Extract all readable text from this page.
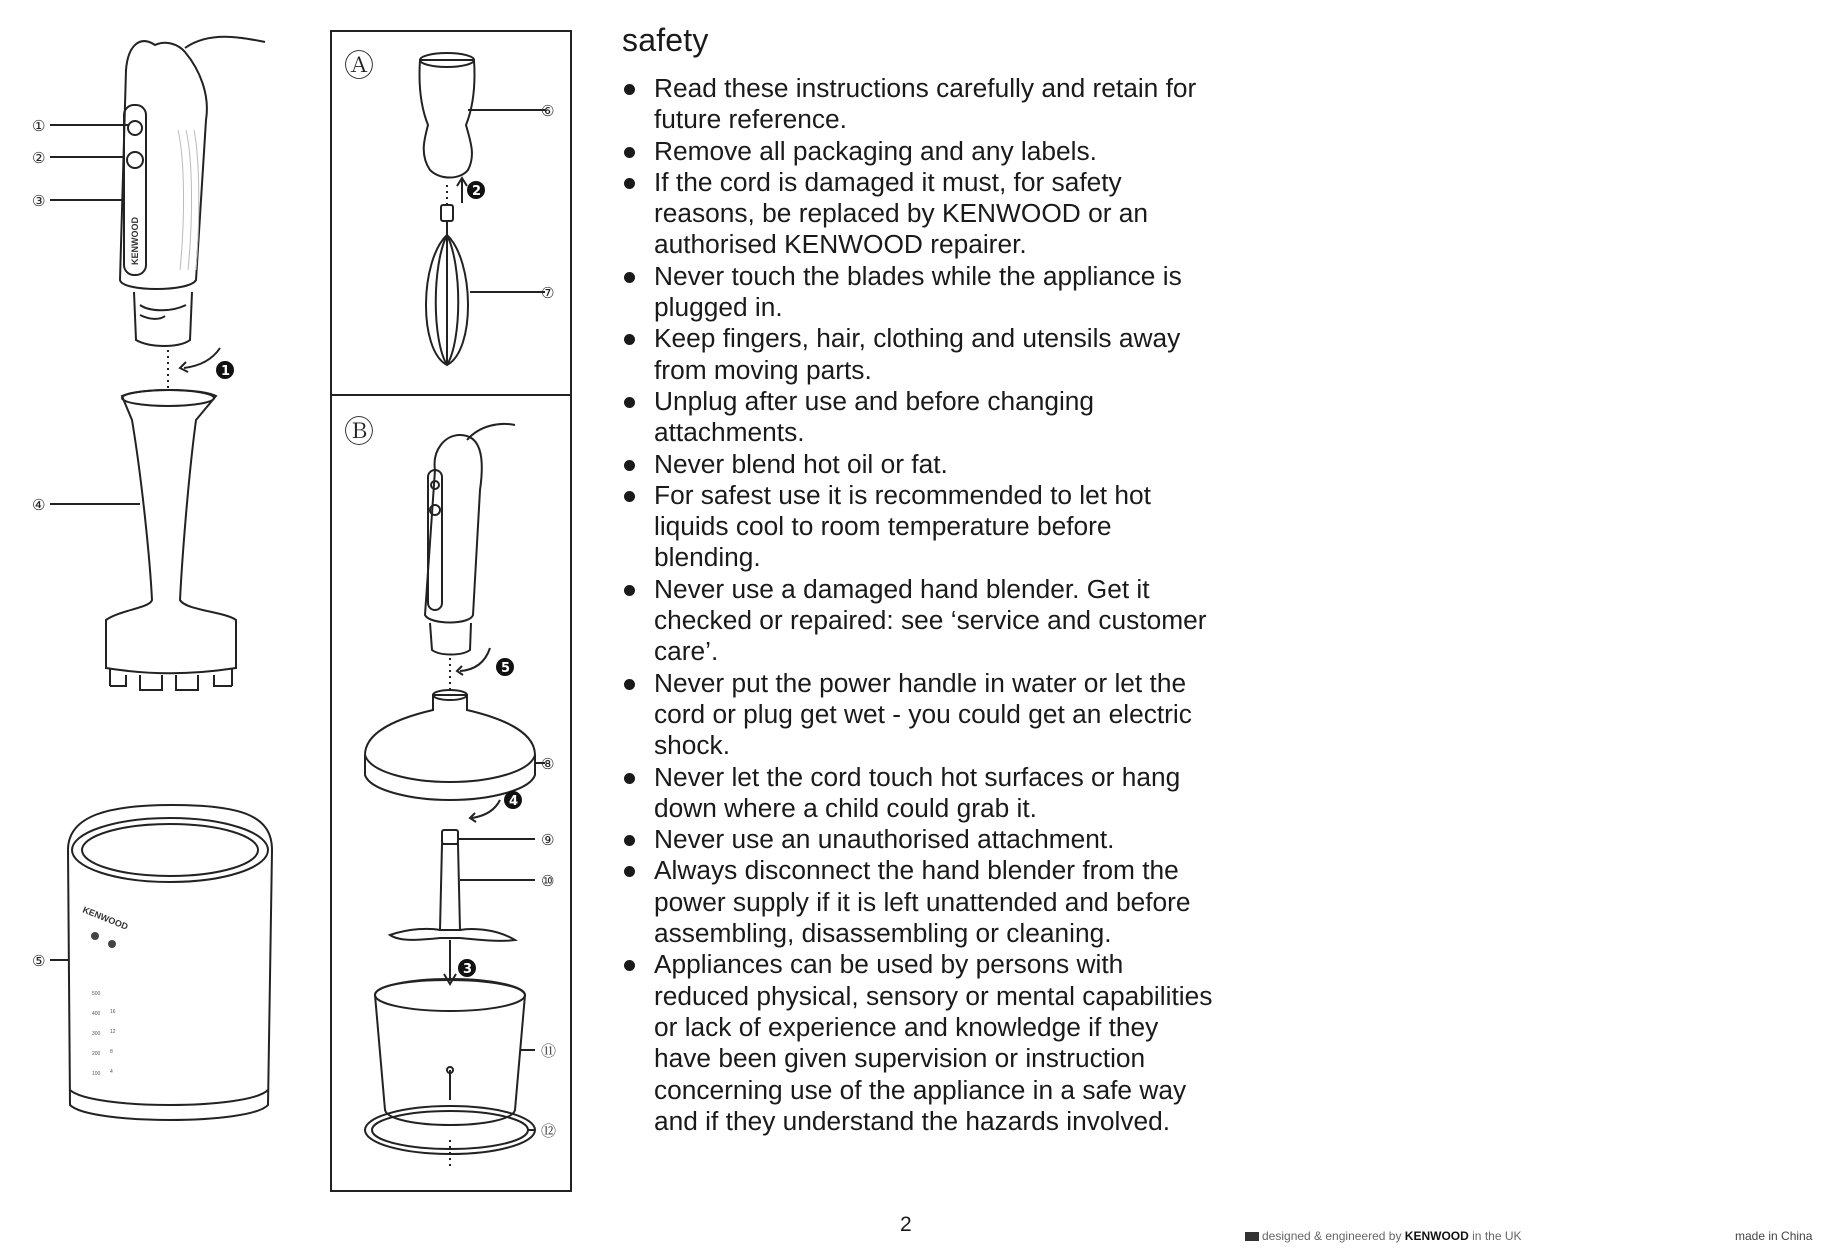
KENWOOD
500
400
300
200
100
16
12
8
4
KENWOOD
①
②
③
④
⑤
1
Ⓐ
Ⓑ
⑥
⑦
⑧
⑨
⑩
⑪
⑫
2
3
4
5
safety
Read these instructions carefully and retain for future reference.
Remove all packaging and any labels.
If the cord is damaged it must, for safety reasons, be replaced by KENWOOD or an authorised KENWOOD repairer.
Never touch the blades while the appliance is plugged in.
Keep fingers, hair, clothing and utensils away from moving parts.
Unplug after use and before changing attachments.
Never blend hot oil or fat.
For safest use it is recommended to let hot liquids cool to room temperature before blending.
Never use a damaged hand blender. Get it checked or repaired: see ‘service and customer care’.
Never put the power handle in water or let the cord or plug get wet - you could get an electric shock.
Never let the cord touch hot surfaces or hang down where a child could grab it.
Never use an unauthorised attachment.
Always disconnect the hand blender from the power supply if it is left unattended and before assembling, disassembling or cleaning.
Appliances can be used by persons with reduced physical, sensory or mental capabilities or lack of experience and knowledge if they have been given supervision or instruction concerning use of the appliance in a safe way and if they understand the hazards involved.
2	designed & engineered by KENWOOD in the UK	made in China
